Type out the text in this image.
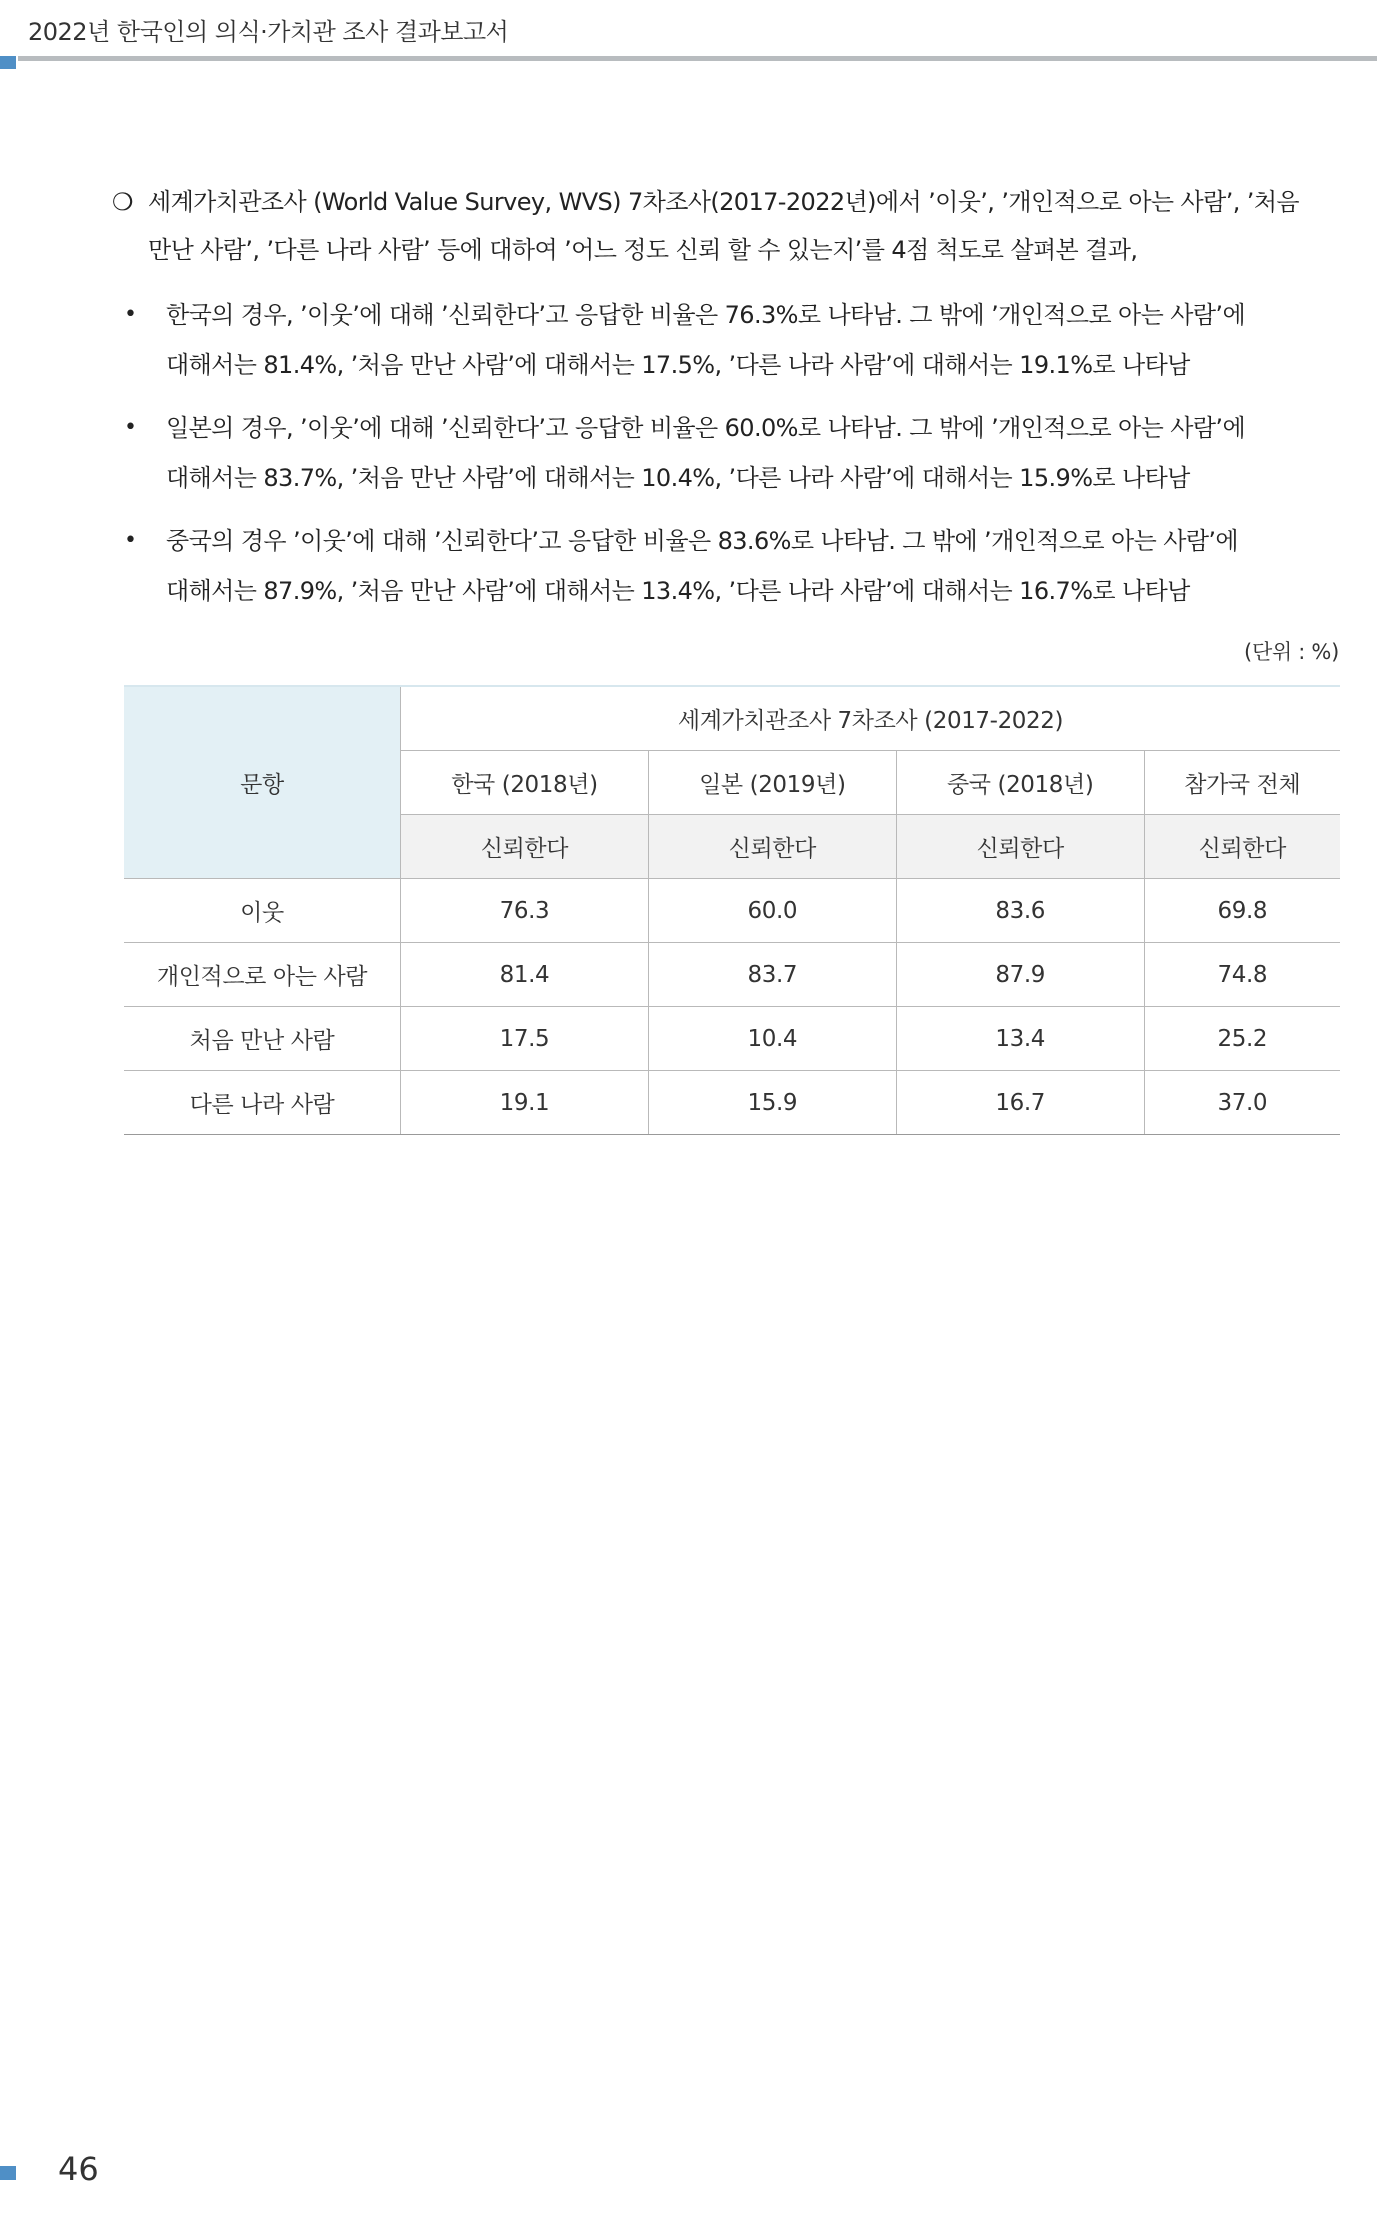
2022년 한국인의 의식·가치관 조사 결과보고서
❍ 세계가치관조사 (World Value Survey, WVS) 7차조사(2017-2022년)에서 ’이웃’, ’개인적으로 아는 사람’, ’처음
만난 사람’, ’다른 나라 사람’ 등에 대하여 ’어느 정도 신뢰 할 수 있는지’를 4점 척도로 살펴본 결과,
• 한국의 경우, ’이웃’에 대해 ’신뢰한다’고 응답한 비율은 76.3%로 나타남. 그 밖에 ’개인적으로 아는 사람’에
대해서는 81.4%, ’처음 만난 사람’에 대해서는 17.5%, ’다른 나라 사람’에 대해서는 19.1%로 나타남
• 일본의 경우, ’이웃’에 대해 ’신뢰한다’고 응답한 비율은 60.0%로 나타남. 그 밖에 ’개인적으로 아는 사람’에
대해서는 83.7%, ’처음 만난 사람’에 대해서는 10.4%, ’다른 나라 사람’에 대해서는 15.9%로 나타남
• 중국의 경우 ’이웃’에 대해 ’신뢰한다’고 응답한 비율은 83.6%로 나타남. 그 밖에 ’개인적으로 아는 사람’에
대해서는 87.9%, ’처음 만난 사람’에 대해서는 13.4%, ’다른 나라 사람’에 대해서는 16.7%로 나타남
(단위 : %)
문항	세계가치관조사 7차조사 (2017-2022)			
	한국 (2018년)	일본 (2019년)	중국 (2018년)	참가국 전체
	신뢰한다	신뢰한다	신뢰한다	신뢰한다
이웃	76.3	60.0	83.6	69.8
개인적으로 아는 사람	81.4	83.7	87.9	74.8
처음 만난 사람	17.5	10.4	13.4	25.2
다른 나라 사람	19.1	15.9	16.7	37.0
46
